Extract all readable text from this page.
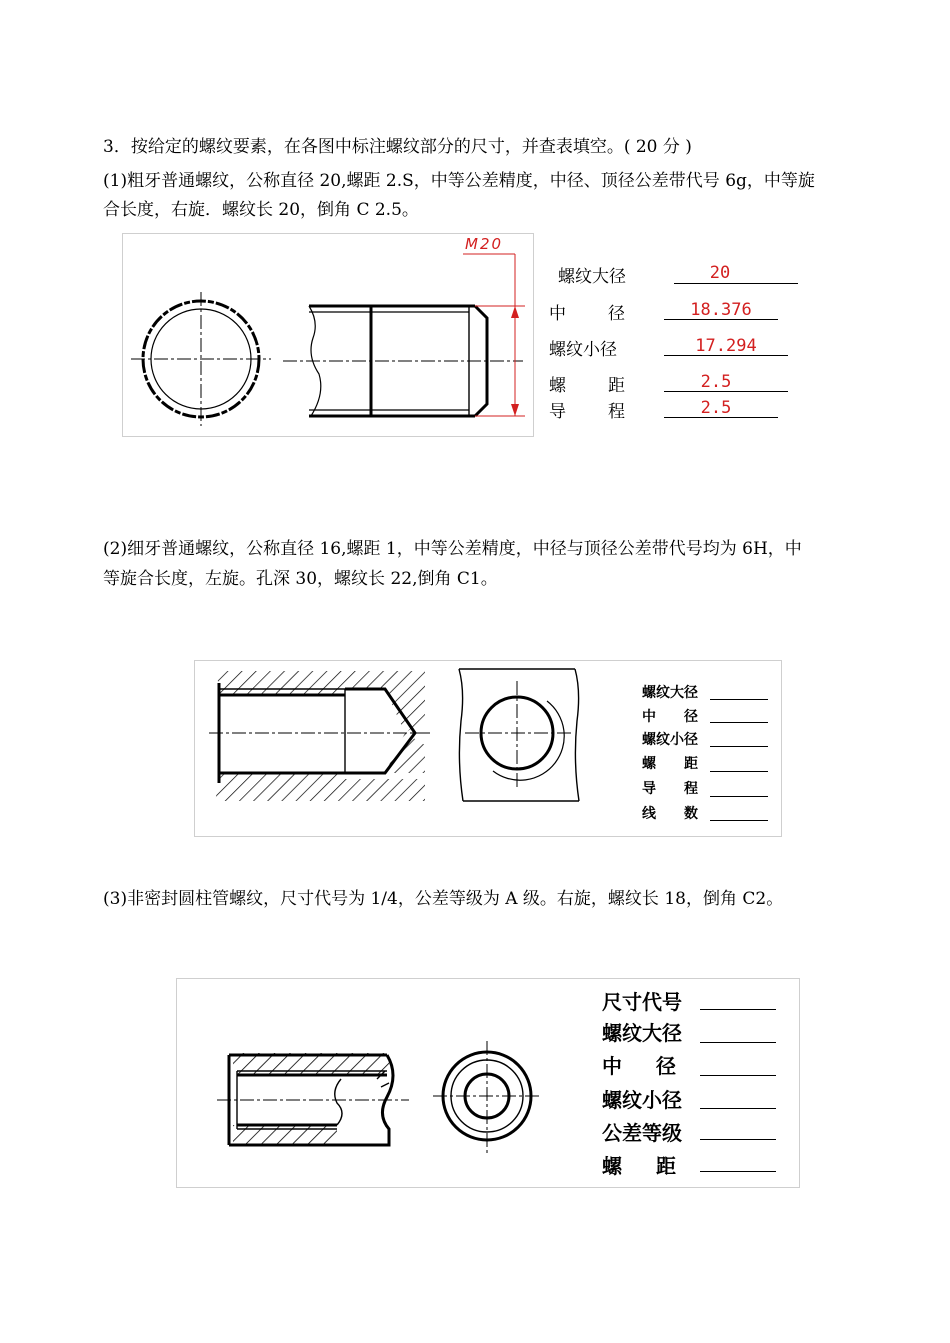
3．按给定的螺纹要素，在各图中标注螺纹部分的尺寸，并查表填空。( 20 分 )
(1)粗牙普通螺纹，公称直径 20,螺距 2.S，中等公差精度，中径、顶径公差带代号 6g，中等旋
合长度，右旋．螺纹长 20，倒角 C 2.5。
M20
螺纹大径	20
中 径	18.376
螺纹小径	17.294
螺 距	2.5
导 程	2.5
(2)细牙普通螺纹，公称直径 16,螺距 1，中等公差精度，中径与顶径公差带代号均为 6H，中
等旋合长度，左旋。孔深 30，螺纹长 22,倒角 C1。
螺纹大径
中 径
螺纹小径
螺 距
导 程
线 数
(3)非密封圆柱管螺纹，尺寸代号为 1/4，公差等级为 A 级。右旋，螺纹长 18，倒角 C2。
尺寸代号
螺纹大径
中 径
螺纹小径
公差等级
螺 距
